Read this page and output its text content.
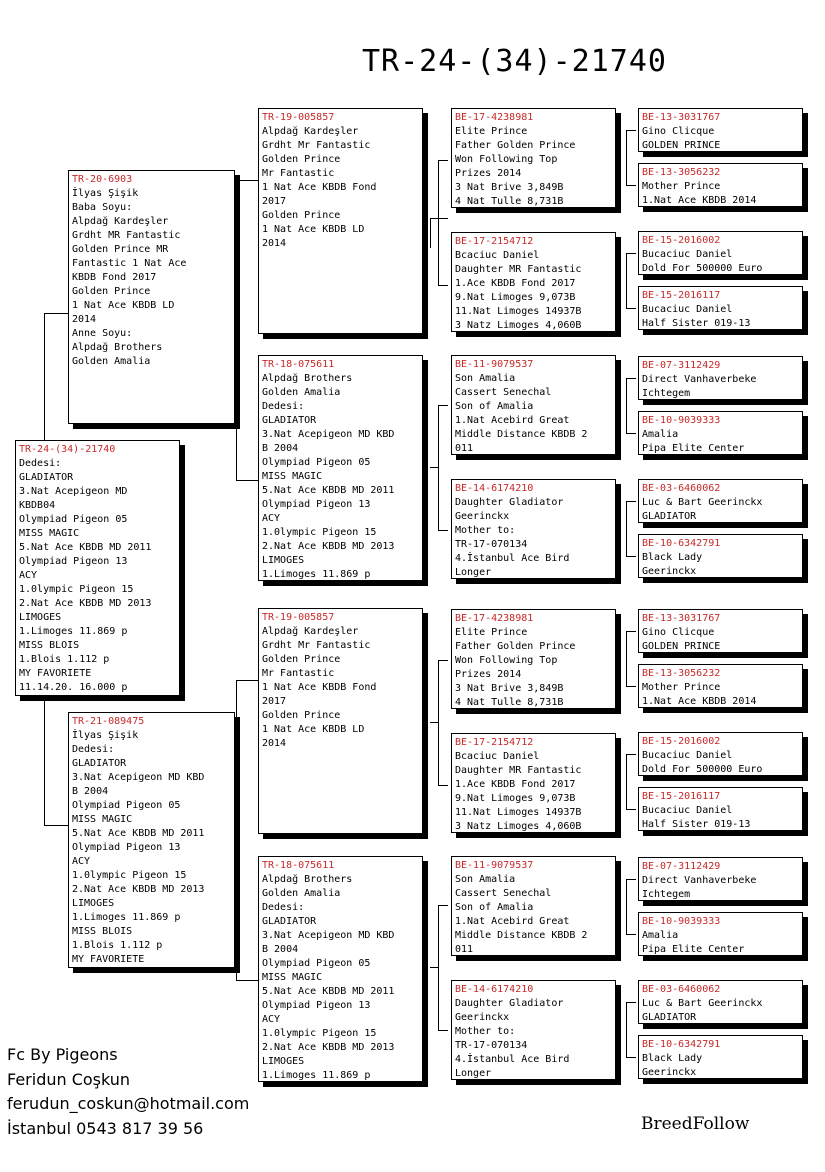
TR-24-(34)-21740
TR-24-(34)-21740
Dedesi:
GLADIATOR
3.Nat Acepigeon MD
KBDB04
Olympiad Pigeon 05
MISS MAGIC
5.Nat Ace KBDB MD 2011
Olympiad Pigeon 13
ACY
1.0lympic Pigeon 15
2.Nat Ace KBDB MD 2013
LIMOGES
1.Limoges 11.869 p
MISS BLOIS
1.Blois 1.112 p
MY FAVORIETE
11.14.20. 16.000 p
TR-20-6903
İlyas Şişik
Baba Soyu:
Alpdağ Kardeşler
Grdht MR Fantastic
Golden Prince MR
Fantastic 1 Nat Ace
KBDB Fond 2017
Golden Prince
1 Nat Ace KBDB LD
2014
Anne Soyu:
Alpdağ Brothers
Golden Amalia
TR-21-089475
İlyas Şişik
Dedesi:
GLADIATOR
3.Nat Acepigeon MD KBD
B 2004
Olympiad Pigeon 05
MISS MAGIC
5.Nat Ace KBDB MD 2011
Olympiad Pigeon 13
ACY
1.0lympic Pigeon 15
2.Nat Ace KBDB MD 2013
LIMOGES
1.Limoges 11.869 p
MISS BLOIS
1.Blois 1.112 p
MY FAVORIETE
TR-19-005857
Alpdağ Kardeşler
Grdht Mr Fantastic
Golden Prince
Mr Fantastic
1 Nat Ace KBDB Fond
2017
Golden Prince
1 Nat Ace KBDB LD
2014
TR-18-075611
Alpdağ Brothers
Golden Amalia
Dedesi:
GLADIATOR
3.Nat Acepigeon MD KBD
B 2004
Olympiad Pigeon 05
MISS MAGIC
5.Nat Ace KBDB MD 2011
Olympiad Pigeon 13
ACY
1.0lympic Pigeon 15
2.Nat Ace KBDB MD 2013
LIMOGES
1.Limoges 11.869 p
TR-19-005857
Alpdağ Kardeşler
Grdht Mr Fantastic
Golden Prince
Mr Fantastic
1 Nat Ace KBDB Fond
2017
Golden Prince
1 Nat Ace KBDB LD
2014
TR-18-075611
Alpdağ Brothers
Golden Amalia
Dedesi:
GLADIATOR
3.Nat Acepigeon MD KBD
B 2004
Olympiad Pigeon 05
MISS MAGIC
5.Nat Ace KBDB MD 2011
Olympiad Pigeon 13
ACY
1.0lympic Pigeon 15
2.Nat Ace KBDB MD 2013
LIMOGES
1.Limoges 11.869 p
BE-17-4238981
Elite Prince
Father Golden Prince
Won Following Top
Prizes 2014
3 Nat Brive 3,849B
4 Nat Tulle 8,731B
BE-17-2154712
Bcaciuc Daniel
Daughter MR Fantastic
1.Ace KBDB Fond 2017
9.Nat Limoges 9,073B
11.Nat Limoges 14937B
3 Natz Limoges 4,060B
BE-11-9079537
Son Amalia
Cassert Senechal
Son of Amalia
1.Nat Acebird Great
Middle Distance KBDB 2
011
BE-14-6174210
Daughter Gladiator
Geerinckx
Mother to:
TR-17-070134
4.İstanbul Ace Bird
Longer
BE-17-4238981
Elite Prince
Father Golden Prince
Won Following Top
Prizes 2014
3 Nat Brive 3,849B
4 Nat Tulle 8,731B
BE-17-2154712
Bcaciuc Daniel
Daughter MR Fantastic
1.Ace KBDB Fond 2017
9.Nat Limoges 9,073B
11.Nat Limoges 14937B
3 Natz Limoges 4,060B
BE-11-9079537
Son Amalia
Cassert Senechal
Son of Amalia
1.Nat Acebird Great
Middle Distance KBDB 2
011
BE-14-6174210
Daughter Gladiator
Geerinckx
Mother to:
TR-17-070134
4.İstanbul Ace Bird
Longer
BE-13-3031767
Gino Clicque
GOLDEN PRINCE
BE-13-3056232
Mother Prince
1.Nat Ace KBDB 2014
BE-15-2016002
Bucaciuc Daniel
Dold For 500000 Euro
BE-15-2016117
Bucaciuc Daniel
Half Sister 019-13
BE-07-3112429
Direct Vanhaverbeke
Ichtegem
BE-10-9039333
Amalia
Pipa Elite Center
BE-03-6460062
Luc & Bart Geerinckx
GLADIATOR
BE-10-6342791
Black Lady
Geerinckx
BE-13-3031767
Gino Clicque
GOLDEN PRINCE
BE-13-3056232
Mother Prince
1.Nat Ace KBDB 2014
BE-15-2016002
Bucaciuc Daniel
Dold For 500000 Euro
BE-15-2016117
Bucaciuc Daniel
Half Sister 019-13
BE-07-3112429
Direct Vanhaverbeke
Ichtegem
BE-10-9039333
Amalia
Pipa Elite Center
BE-03-6460062
Luc & Bart Geerinckx
GLADIATOR
BE-10-6342791
Black Lady
Geerinckx
Fc By Pigeons
Feridun Coşkun
ferudun_coskun@hotmail.com
İstanbul 0543 817 39 56	BreedFollow
